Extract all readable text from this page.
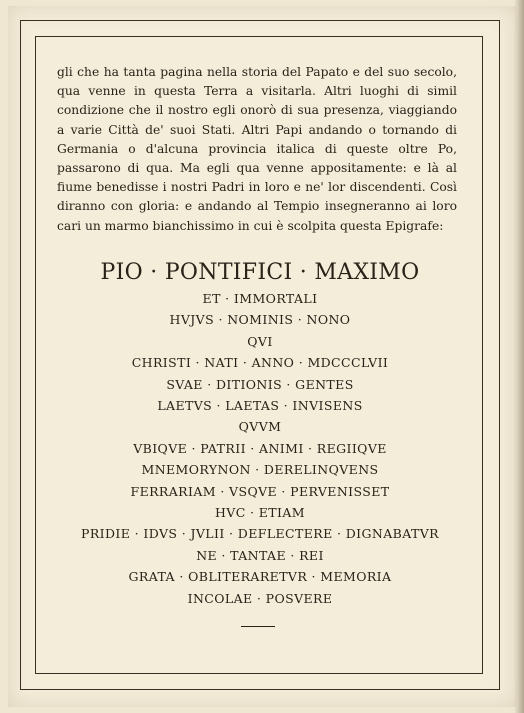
gli che ha tanta pagina nella storia del Papato e del suo secolo, qua venne in questa Terra a visitarla. Altri luoghi di simil condizione che il nostro egli onorò di sua presenza, viaggiando a varie Città de' suoi Stati. Altri Papi andando o tornando di Germania o d'alcuna provincia italica di queste oltre Po, passarono di qua. Ma egli qua venne appositamente: e là al fiume benedisse i nostri Padri in loro e ne' lor discendenti. Così diranno con gloria: e andando al Tempio insegneranno ai loro cari un marmo bianchissimo in cui è scolpita questa Epigrafe:

PIO · PONTIFICI · MAXIMO
ET · IMMORTALI
HVJVS · NOMINIS · NONO
QVI
CHRISTI · NATI · ANNO · MDCCCLVII
SVAE · DITIONIS · GENTES
LAETVS · LAETAS · INVISENS
QVVM
VBIQVE · PATRII · ANIMI · REGIIQVE
MNEMORYNON · DERELINQVENS
FERRARIAM · VSQVE · PERVENISSET
HVC · ETIAM
PRIDIE · IDVS · JVLII · DEFLECTERE · DIGNABATVR
NE · TANTAE · REI
GRATA · OBLITERARETVR · MEMORIA
INCOLAE · POSVERE
